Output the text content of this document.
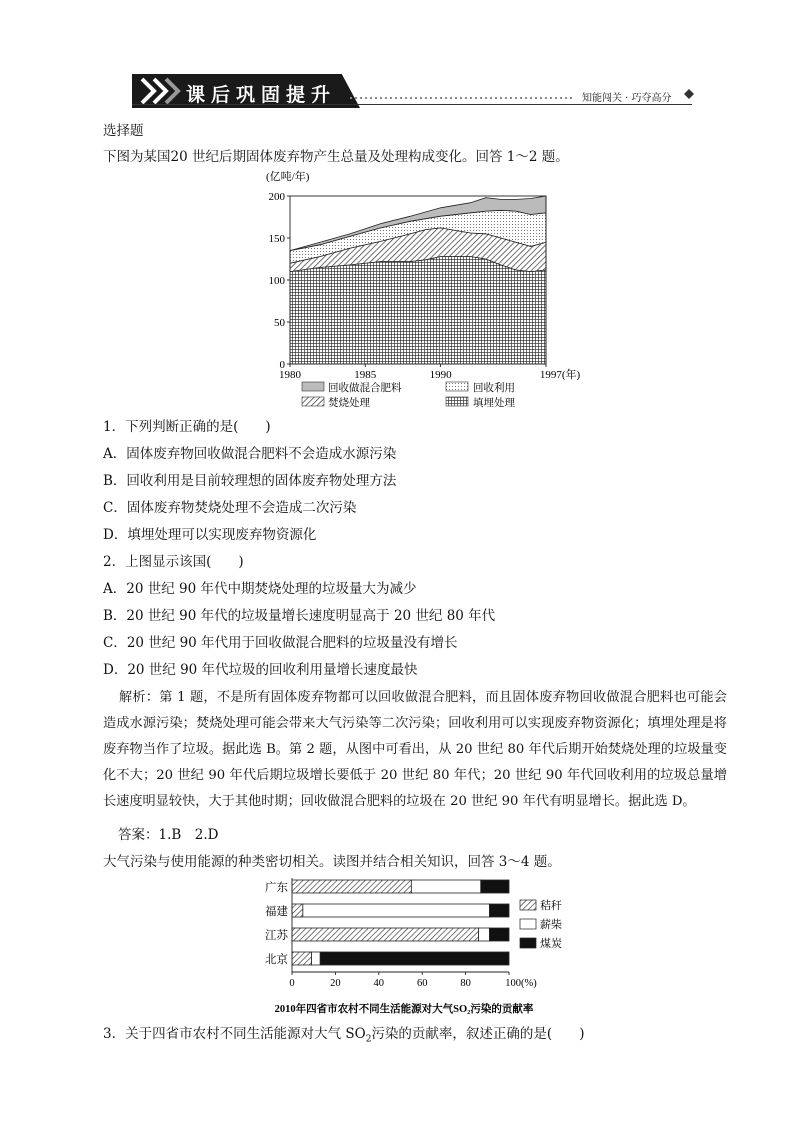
课后巩固提升	知能闯关 · 巧夺高分
选择题
下图为某国20 世纪后期固体废弃物产生总量及处理构成变化。回答 1～2 题。
0
50
100
150
200
1980	1985	1990	1997(年)
(亿吨/年)
回收做混合肥料	回收利用
焚烧处理	填埋处理
1．下列判断正确的是(　　)
A．固体废弃物回收做混合肥料不会造成水源污染
B．回收利用是目前较理想的固体废弃物处理方法
C．固体废弃物焚烧处理不会造成二次污染
D．填埋处理可以实现废弃物资源化
2．上图显示该国(　　)
A．20 世纪 90 年代中期焚烧处理的垃圾量大为减少
B．20 世纪 90 年代的垃圾量增长速度明显高于 20 世纪 80 年代
C．20 世纪 90 年代用于回收做混合肥料的垃圾量没有增长
D．20 世纪 90 年代垃圾的回收利用量增长速度最快
解析：第 1 题，不是所有固体废弃物都可以回收做混合肥料，而且固体废弃物回收做混合肥料也可能会造成水源污染；焚烧处理可能会带来大气污染等二次污染；回收利用可以实现废弃物资源化；填埋处理是将废弃物当作了垃圾。据此选 B。第 2 题，从图中可看出，从 20 世纪 80 年代后期开始焚烧处理的垃圾量变化不大；20 世纪 90 年代后期垃圾增长要低于 20 世纪 80 年代；20 世纪 90 年代回收利用的垃圾总量增长速度明显较快，大于其他时期；回收做混合肥料的垃圾在 20 世纪 90 年代有明显增长。据此选 D。
答案：1.B　2.D
大气污染与使用能源的种类密切相关。读图并结合相关知识，回答 3～4 题。
广东
福建
江苏
北京
0	20	40	60	80	100(%)
秸秆
薪柴
煤炭
2010年四省市农村不同生活能源对大气SO₂污染的贡献率
3．关于四省市农村不同生活能源对大气 $SO_2$污染的贡献率，叙述正确的是(　　)
